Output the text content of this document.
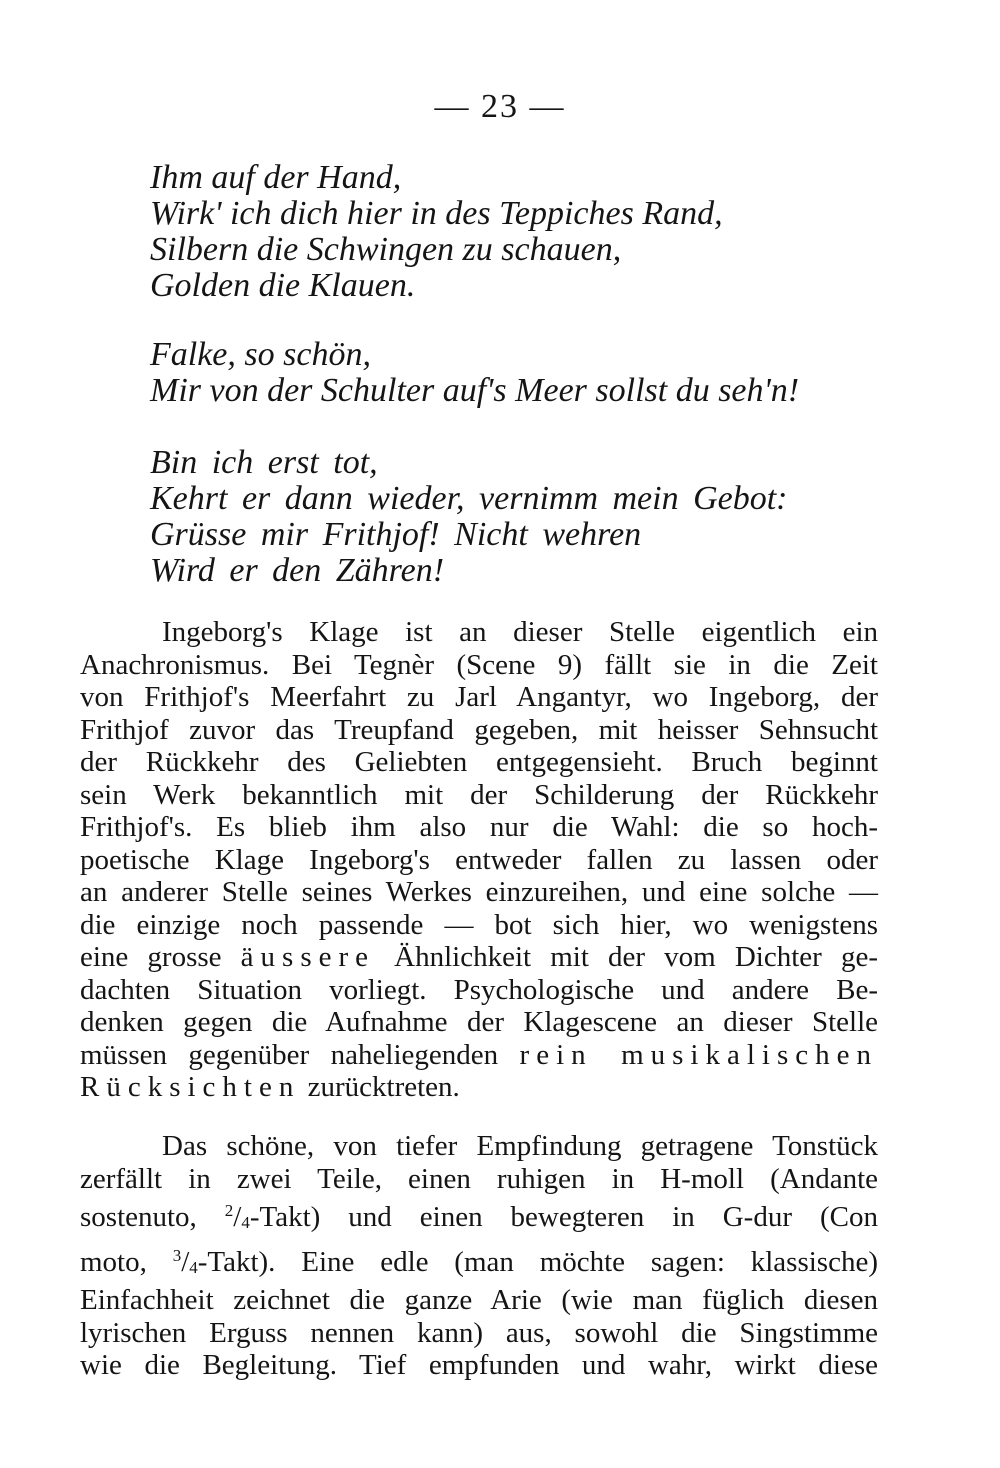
— 23 —
Ihm auf der Hand,
Wirk' ich dich hier in des Teppiches Rand,
Silbern die Schwingen zu schauen,
Golden die Klauen.
Falke, so schön,
Mir von der Schulter auf's Meer sollst du seh'n!
Bin ich erst tot,
Kehrt er dann wieder, vernimm mein Gebot:
Grüsse mir Frithjof! Nicht wehren
Wird er den Zähren!
Ingeborg's Klage ist an dieser Stelle eigentlich ein
Anachronismus. Bei Tegnèr (Scene 9) fällt sie in die Zeit
von Frithjof's Meerfahrt zu Jarl Angantyr, wo Ingeborg, der
Frithjof zuvor das Treupfand gegeben, mit heisser Sehnsucht
der Rückkehr des Geliebten entgegensieht. Bruch beginnt
sein Werk bekanntlich mit der Schilderung der Rückkehr
Frithjof's. Es blieb ihm also nur die Wahl: die so hoch-
poetische Klage Ingeborg's entweder fallen zu lassen oder
an anderer Stelle seines Werkes einzureihen, und eine solche —
die einzige noch passende — bot sich hier, wo wenigstens
eine grosse äussere Ähnlichkeit mit der vom Dichter ge-
dachten Situation vorliegt. Psychologische und andere Be-
denken gegen die Aufnahme der Klagescene an dieser Stelle
müssen gegenüber naheliegenden rein musikalischen
Rücksichten zurücktreten.
Das schöne, von tiefer Empfindung getragene Tonstück
zerfällt in zwei Teile, einen ruhigen in H-moll (Andante
sostenuto, $^2/_4-Takt$) und einen bewegteren in G-dur (Con
moto, $^3/_4-Takt$). Eine edle (man möchte sagen: klassische)
Einfachheit zeichnet die ganze Arie (wie man füglich diesen
lyrischen Erguss nennen kann) aus, sowohl die Singstimme
wie die Begleitung. Tief empfunden und wahr, wirkt diese
